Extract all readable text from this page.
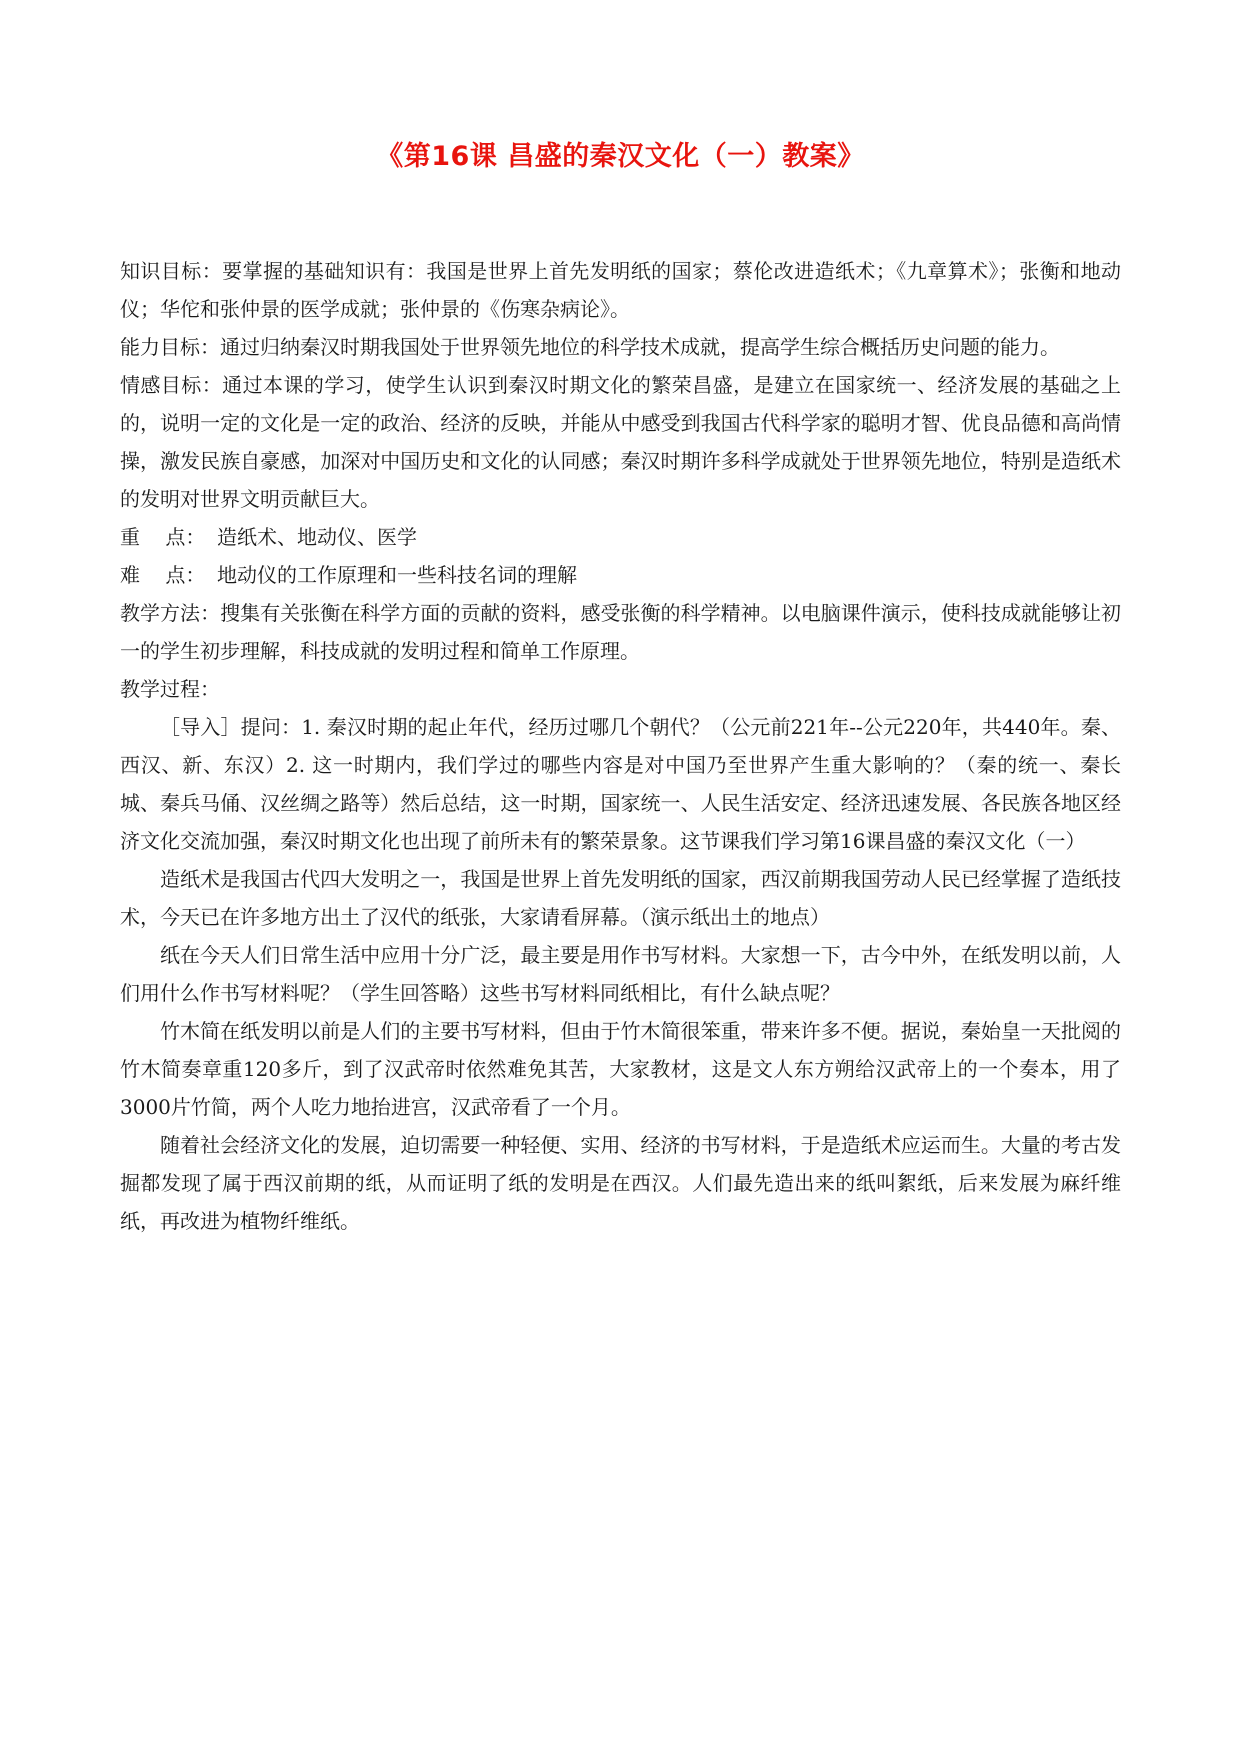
《第16课 昌盛的秦汉文化（一）教案》

知识目标：要掌握的基础知识有：我国是世界上首先发明纸的国家；蔡伦改进造纸术；《九章算术》；张衡和地动仪；华佗和张仲景的医学成就；张仲景的《伤寒杂病论》。

能力目标：通过归纳秦汉时期我国处于世界领先地位的科学技术成就，提高学生综合概括历史问题的能力。

情感目标：通过本课的学习，使学生认识到秦汉时期文化的繁荣昌盛，是建立在国家统一、经济发展的基础之上的，说明一定的文化是一定的政治、经济的反映，并能从中感受到我国古代科学家的聪明才智、优良品德和高尚情操，激发民族自豪感，加深对中国历史和文化的认同感；秦汉时期许多科学成就处于世界领先地位，特别是造纸术的发明对世界文明贡献巨大。

重    点： 造纸术、地动仪、医学

难    点： 地动仪的工作原理和一些科技名词的理解

教学方法：搜集有关张衡在科学方面的贡献的资料，感受张衡的科学精神。以电脑课件演示，使科技成就能够让初一的学生初步理解，科技成就的发明过程和简单工作原理。

教学过程：

［导入］提问：1. 秦汉时期的起止年代，经历过哪几个朝代？（公元前221年--公元220年，共440年。秦、西汉、新、东汉）2. 这一时期内，我们学过的哪些内容是对中国乃至世界产生重大影响的？（秦的统一、秦长城、秦兵马俑、汉丝绸之路等）然后总结，这一时期，国家统一、人民生活安定、经济迅速发展、各民族各地区经济文化交流加强，秦汉时期文化也出现了前所未有的繁荣景象。这节课我们学习第16课昌盛的秦汉文化（一）

造纸术是我国古代四大发明之一，我国是世界上首先发明纸的国家，西汉前期我国劳动人民已经掌握了造纸技术，今天已在许多地方出土了汉代的纸张，大家请看屏幕。（演示纸出土的地点）

纸在今天人们日常生活中应用十分广泛，最主要是用作书写材料。大家想一下，古今中外，在纸发明以前，人们用什么作书写材料呢？（学生回答略）这些书写材料同纸相比，有什么缺点呢？

竹木简在纸发明以前是人们的主要书写材料，但由于竹木简很笨重，带来许多不便。据说，秦始皇一天批阅的竹木简奏章重120多斤，到了汉武帝时依然难免其苦，大家教材，这是文人东方朔给汉武帝上的一个奏本，用了3000片竹简，两个人吃力地抬进宫，汉武帝看了一个月。

随着社会经济文化的发展，迫切需要一种轻便、实用、经济的书写材料，于是造纸术应运而生。大量的考古发掘都发现了属于西汉前期的纸，从而证明了纸的发明是在西汉。人们最先造出来的纸叫絮纸，后来发展为麻纤维纸，再改进为植物纤维纸。
